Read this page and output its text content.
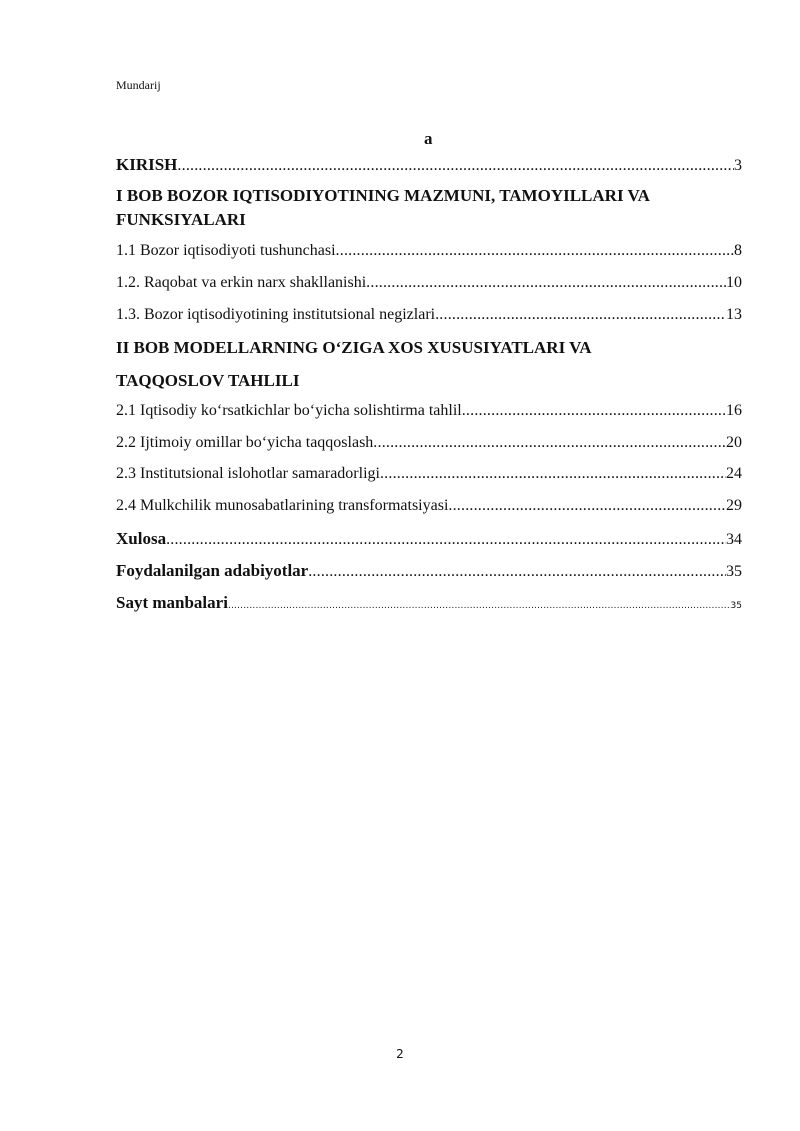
Mundarij
a
KIRISH .....	3
I BOB BOZOR IQTISODIYOTINING MAZMUNI, TAMOYILLARI VA FUNKSIYALARI
1.1 Bozor iqtisodiyoti tushunchasi .....	8
1.2. Raqobat va erkin narx shakllanishi .....	10
1.3. Bozor iqtisodiyotining institutsional negizlari .....	13
II BOB MODELLARNING O‘ZIGA XOS XUSUSIYATLARI VA
TAQQOSLOV TAHLILI
2.1 Iqtisodiy ko‘rsatkichlar bo‘yicha solishtirma tahlil .....	16
2.2 Ijtimoiy omillar bo‘yicha taqqoslash .....	20
2.3 Institutsional islohotlar samaradorligi .....	24
2.4 Mulkchilik munosabatlarining transformatsiyasi .....	29
Xulosa .....	34
Foydalanilgan adabiyotlar .....	35
Sayt manbalari .....	35
2
